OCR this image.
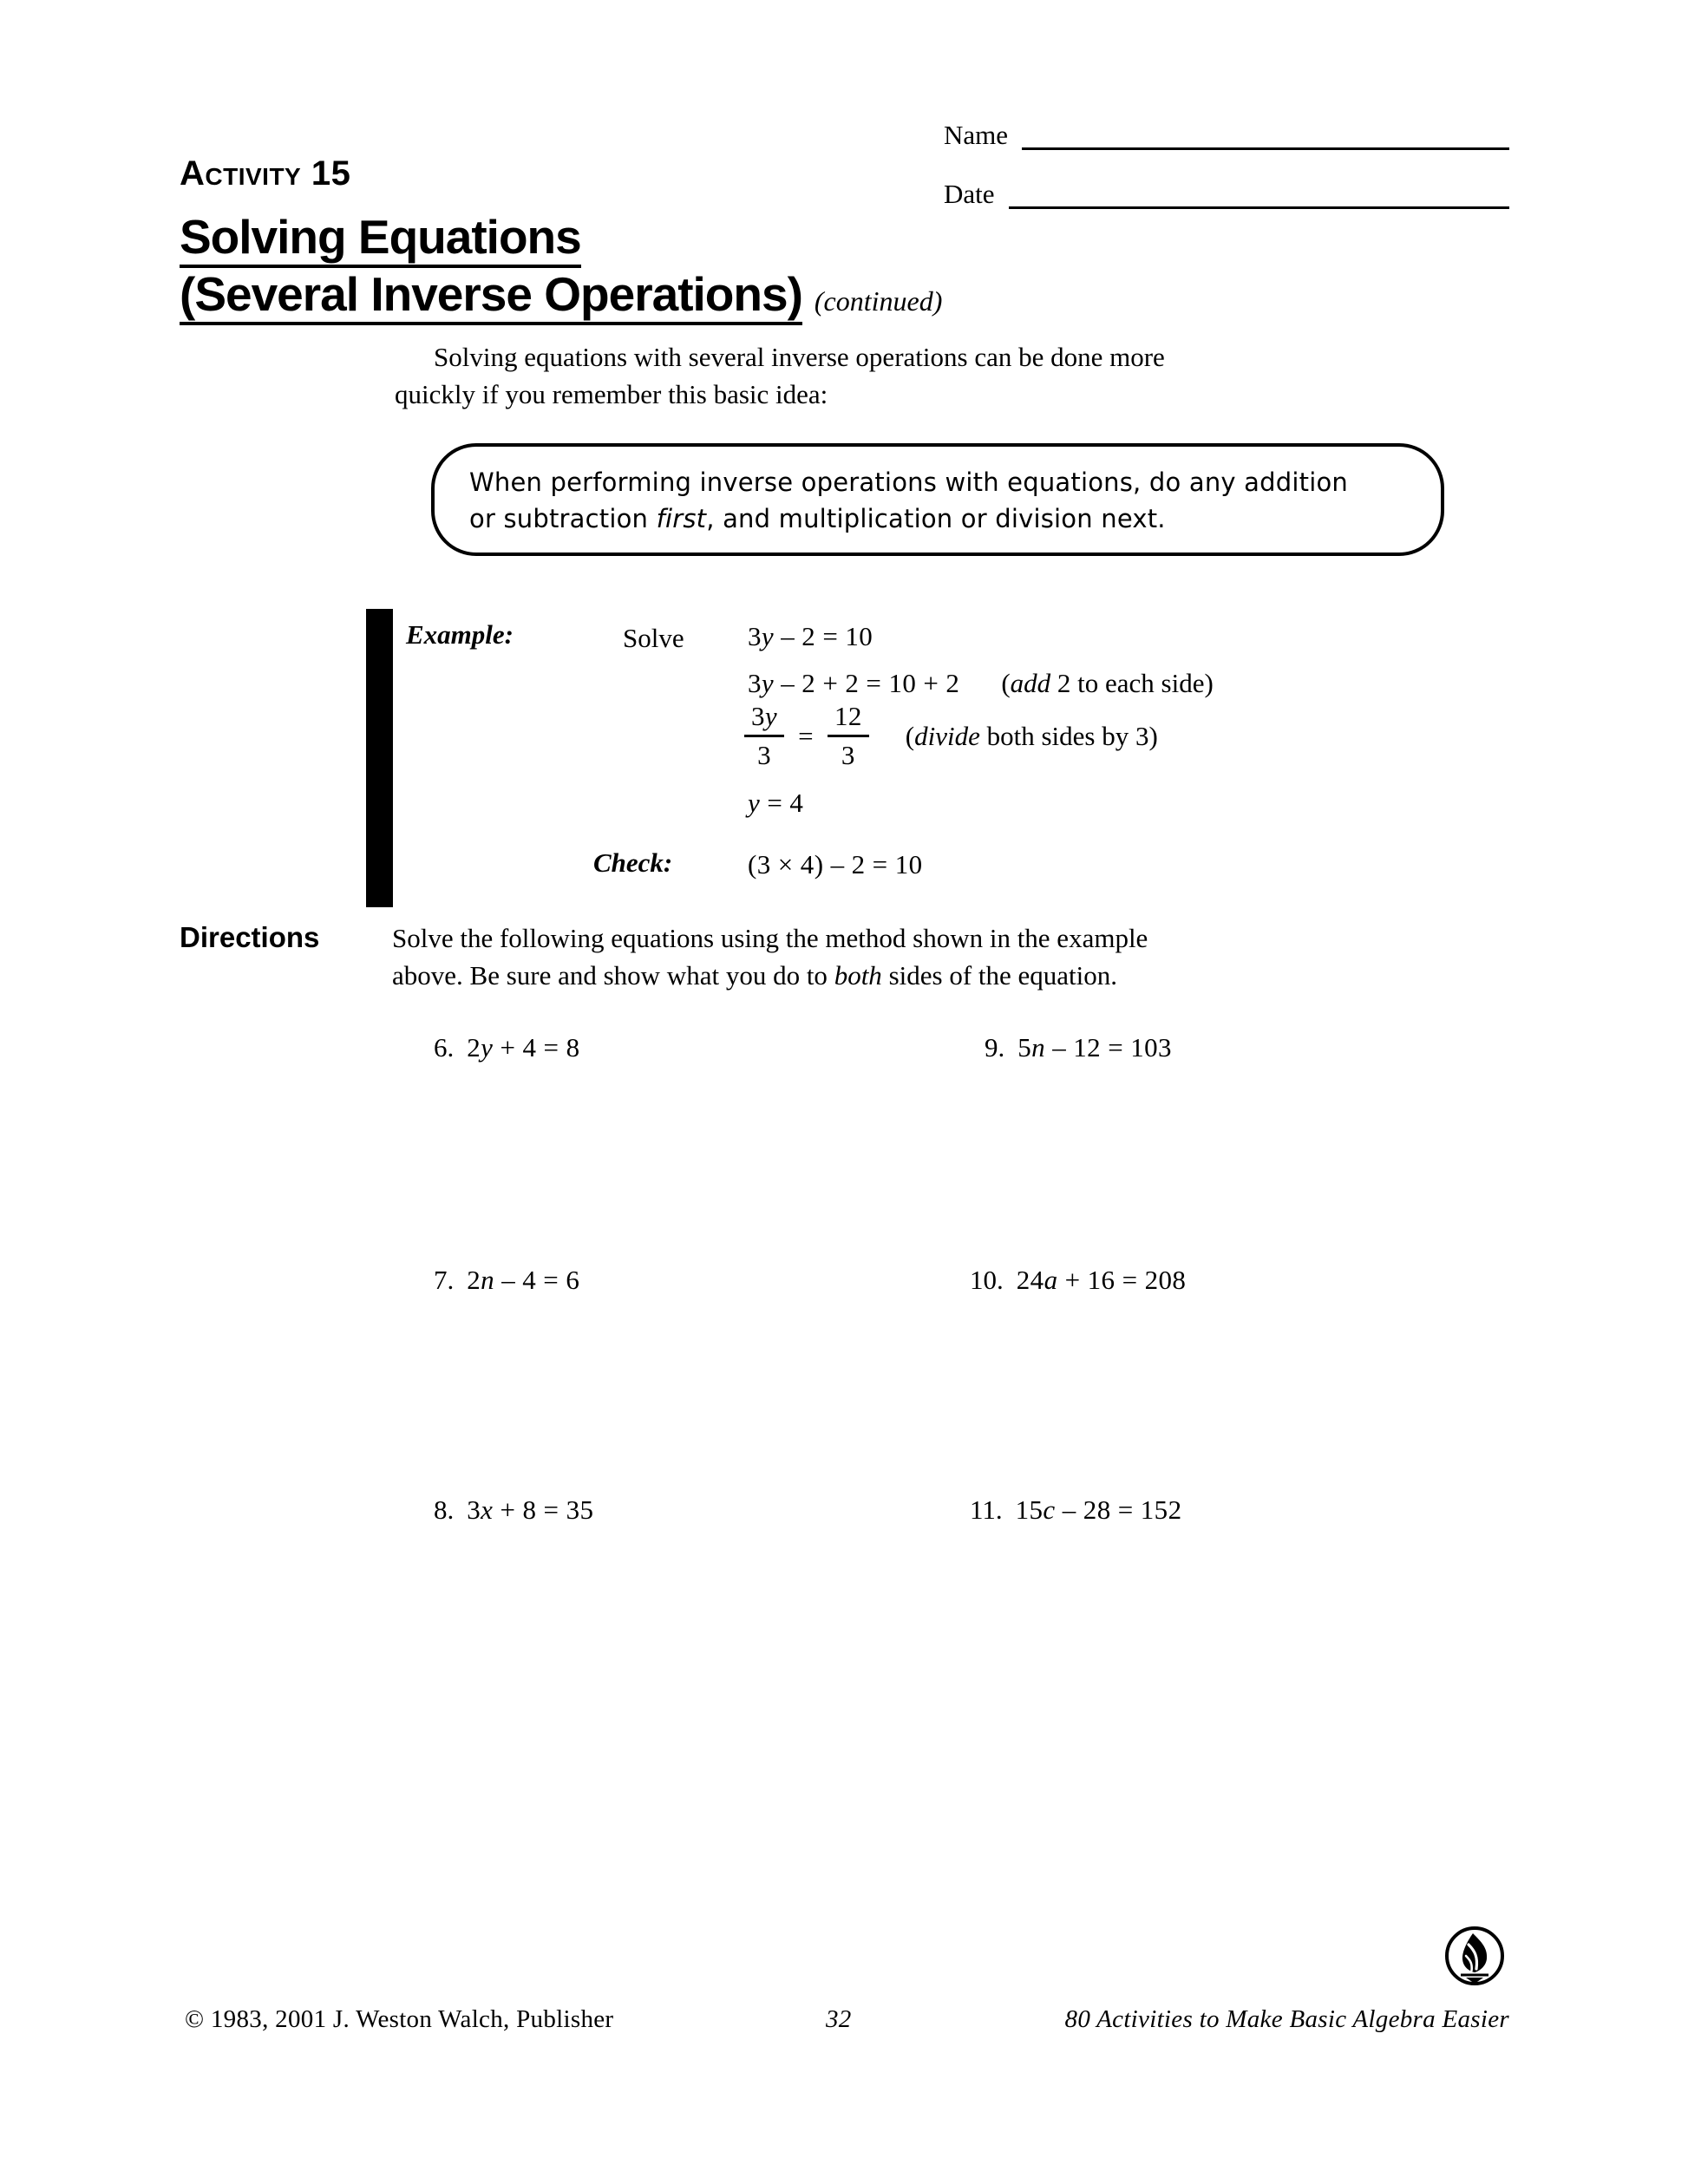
Name
Date
Activity 15
Solving Equations
(Several Inverse Operations) (continued)
Solving equations with several inverse operations can be done more
quickly if you remember this basic idea:
When performing inverse operations with equations, do any addition
or subtraction first, and multiplication or division next.
Example:	Solve 3y – 2 = 10
3y – 2 + 2 = 10 + 2 (add 2 to each side)
$\frac{3y}{3} = \frac{12}{3}$ (divide both sides by 3)
y = 4
Check:	(3 × 4) – 2 = 10
Directions	Solve the following equations using the method shown in the example
above. Be sure and show what you do to both sides of the equation.
6. 2y + 4 = 8	9. 5n – 12 = 103
7. 2n – 4 = 6	10. 24a + 16 = 208
8. 3x + 8 = 35	11. 15c – 28 = 152
© 1983, 2001 J. Weston Walch, Publisher	32	80 Activities to Make Basic Algebra Easier
